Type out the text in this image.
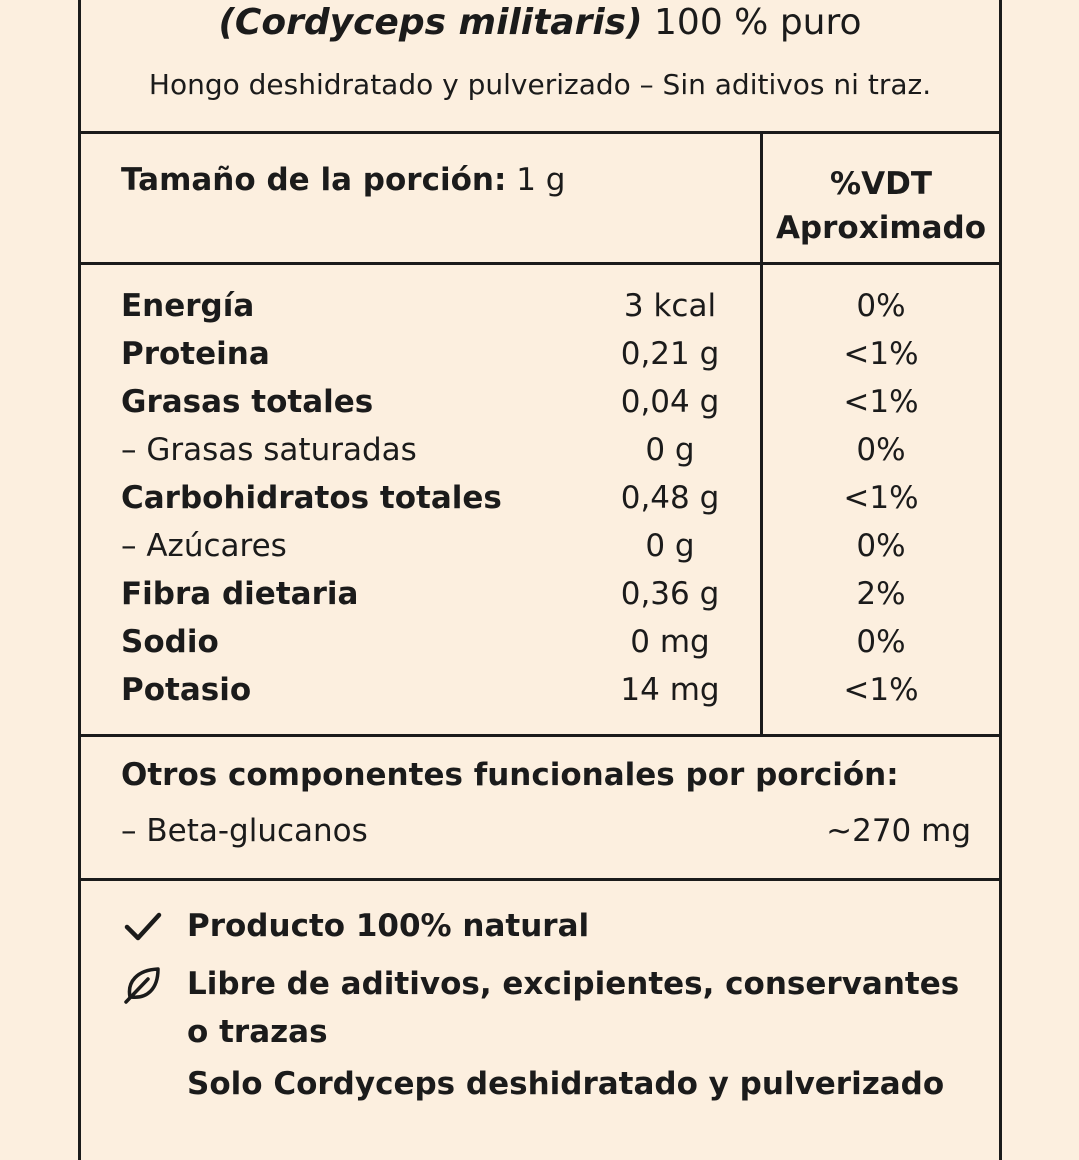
(Cordyceps militaris) 100 % puro
Hongo deshidratado y pulverizado – Sin aditivos ni traz.
Tamaño de la porción: 1 g	%VDT
Aproximado
Energía	3 kcal	0%
Proteina	0,21 g	<1%
Grasas totales	0,04 g	<1%
– Grasas saturadas	0 g	0%
Carbohidratos totales	0,48 g	<1%
– Azúcares	0 g	0%
Fibra dietaria	0,36 g	2%
Sodio	0 mg	0%
Potasio	14 mg	<1%
Otros componentes funcionales por porción:
– Beta-glucanos	~270 mg
Producto 100% natural
Libre de aditivos, excipientes, conservantes o trazas
Solo Cordyceps deshidratado y pulverizado
